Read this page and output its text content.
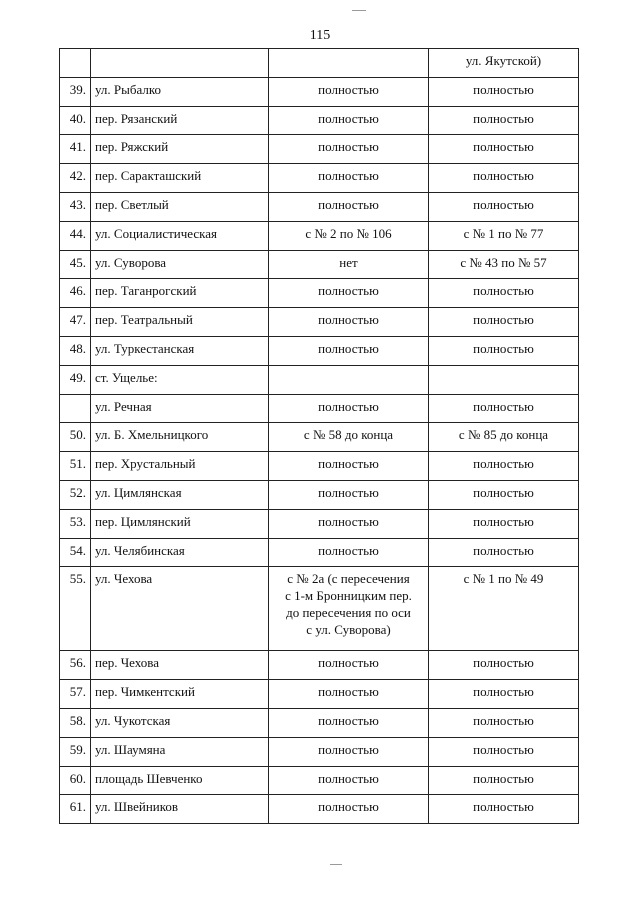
115
			ул. Якутской)
39.	ул. Рыбалко	полностью	полностью
40.	пер. Рязанский	полностью	полностью
41.	пер. Ряжский	полностью	полностью
42.	пер. Саракташский	полностью	полностью
43.	пер. Светлый	полностью	полностью
44.	ул. Социалистическая	с № 2 по № 106	с № 1 по № 77
45.	ул. Суворова	нет	с № 43 по № 57
46.	пер. Таганрогский	полностью	полностью
47.	пер. Театральный	полностью	полностью
48.	ул. Туркестанская	полностью	полностью
49.	ст. Ущелье:		
	ул. Речная	полностью	полностью
50.	ул. Б. Хмельницкого	с № 58 до конца	с № 85 до конца
51.	пер. Хрустальный	полностью	полностью
52.	ул. Цимлянская	полностью	полностью
53.	пер. Цимлянский	полностью	полностью
54.	ул. Челябинская	полностью	полностью
55.	ул. Чехова	с № 2а (с пересечения
с 1-м Бронницким пер.
до пересечения по оси
с ул. Суворова)	с № 1 по № 49
56.	пер. Чехова	полностью	полностью
57.	пер. Чимкентский	полностью	полностью
58.	ул. Чукотская	полностью	полностью
59.	ул. Шаумяна	полностью	полностью
60.	площадь Шевченко	полностью	полностью
61.	ул. Швейников	полностью	полностью
